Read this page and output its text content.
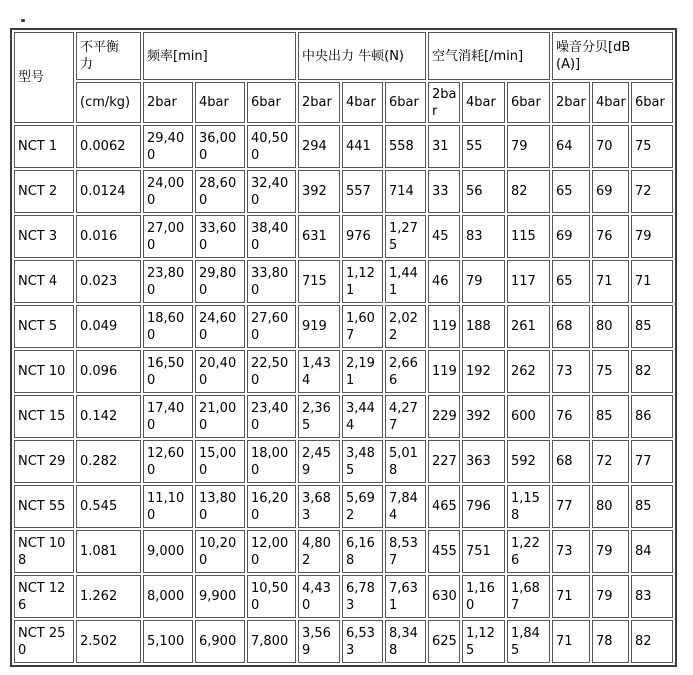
型号	不平衡力	频率[min]			中央出力 牛顿(N)			空气消耗[/min]			噪音分贝[dB(A)]		
	(cm/kg)	2bar	4bar	6bar	2bar	4bar	6bar	2bar	4bar	6bar	2bar	4bar	6bar
NCT 1	0.0062	29,400	36,000	40,500	294	441	558	31	55	79	64	70	75
NCT 2	0.0124	24,000	28,600	32,400	392	557	714	33	56	82	65	69	72
NCT 3	0.016	27,000	33,600	38,400	631	976	1,275	45	83	115	69	76	79
NCT 4	0.023	23,800	29,800	33,800	715	1,121	1,441	46	79	117	65	71	71
NCT 5	0.049	18,600	24,600	27,600	919	1,607	2,022	119	188	261	68	80	85
NCT 10	0.096	16,500	20,400	22,500	1,434	2,191	2,666	119	192	262	73	75	82
NCT 15	0.142	17,400	21,000	23,400	2,365	3,444	4,277	229	392	600	76	85	86
NCT 29	0.282	12,600	15,000	18,000	2,459	3,485	5,018	227	363	592	68	72	77
NCT 55	0.545	11,100	13,800	16,200	3,683	5,692	7,844	465	796	1,158	77	80	85
NCT 108	1.081	9,000	10,200	12,000	4,802	6,168	8,537	455	751	1,226	73	79	84
NCT 126	1.262	8,000	9,900	10,500	4,430	6,783	7,631	630	1,160	1,687	71	79	83
NCT 250	2.502	5,100	6,900	7,800	3,569	6,533	8,348	625	1,125	1,845	71	78	82
